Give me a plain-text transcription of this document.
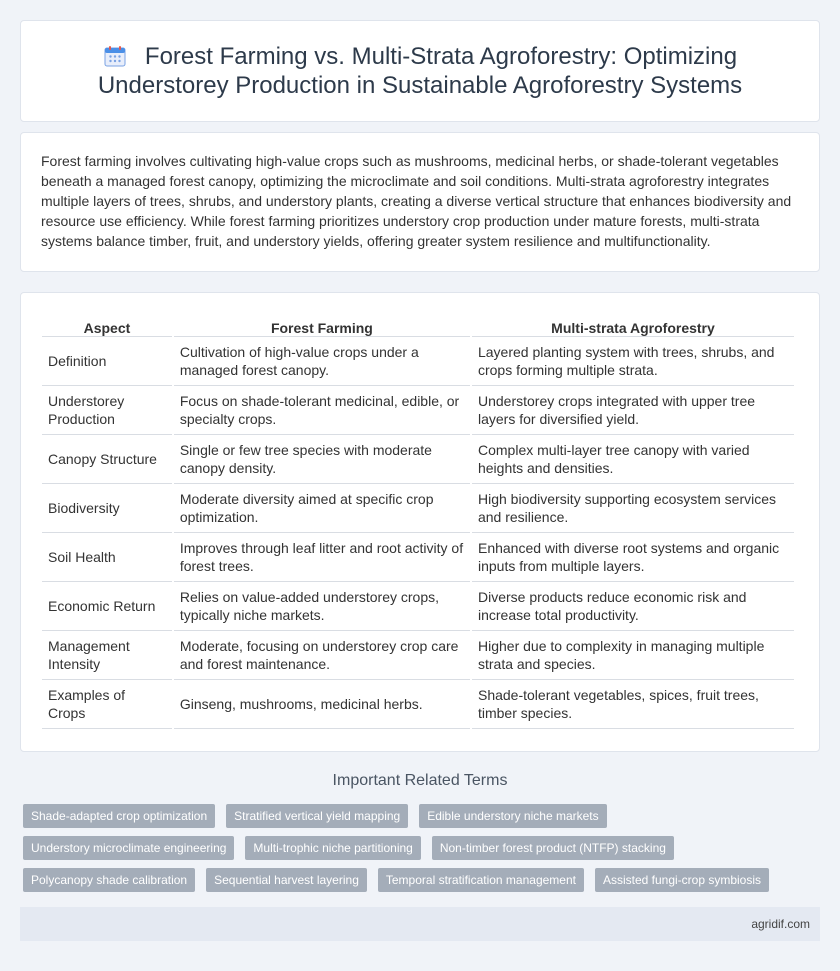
Forest Farming vs. Multi-Strata Agroforestry: Optimizing Understorey Production in Sustainable Agroforestry Systems

Forest farming involves cultivating high-value crops such as mushrooms, medicinal herbs, or shade-tolerant vegetables beneath a managed forest canopy, optimizing the microclimate and soil conditions. Multi-strata agroforestry integrates multiple layers of trees, shrubs, and understory plants, creating a diverse vertical structure that enhances biodiversity and resource use efficiency. While forest farming prioritizes understory crop production under mature forests, multi-strata systems balance timber, fruit, and understory yields, offering greater system resilience and multifunctionality.

Aspect	Forest Farming	Multi-strata Agroforestry
Definition	Cultivation of high-value crops under a managed forest canopy.	Layered planting system with trees, shrubs, and crops forming multiple strata.
Understorey Production	Focus on shade-tolerant medicinal, edible, or specialty crops.	Understorey crops integrated with upper tree layers for diversified yield.
Canopy Structure	Single or few tree species with moderate canopy density.	Complex multi-layer tree canopy with varied heights and densities.
Biodiversity	Moderate diversity aimed at specific crop optimization.	High biodiversity supporting ecosystem services and resilience.
Soil Health	Improves through leaf litter and root activity of forest trees.	Enhanced with diverse root systems and organic inputs from multiple layers.
Economic Return	Relies on value-added understorey crops, typically niche markets.	Diverse products reduce economic risk and increase total productivity.
Management Intensity	Moderate, focusing on understorey crop care and forest maintenance.	Higher due to complexity in managing multiple strata and species.
Examples of Crops	Ginseng, mushrooms, medicinal herbs.	Shade-tolerant vegetables, spices, fruit trees, timber species.
Important Related Terms
Shade-adapted crop optimization	Stratified vertical yield mapping	Edible understory niche markets
Understory microclimate engineering	Multi-trophic niche partitioning	Non-timber forest product (NTFP) stacking
Polycanopy shade calibration	Sequential harvest layering	Temporal stratification management	Assisted fungi-crop symbiosis
agridif.com
